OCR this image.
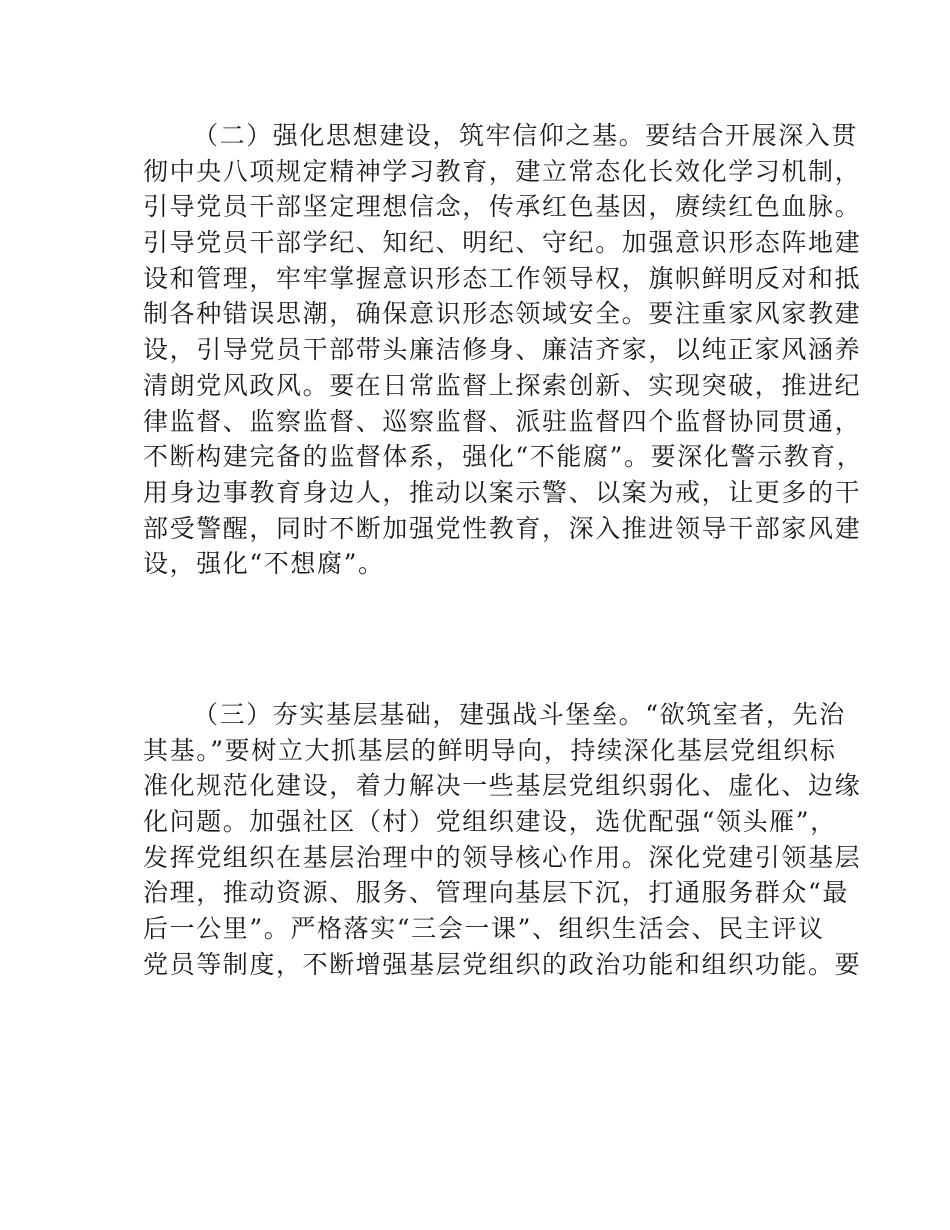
（二）强化思想建设，筑牢信仰之基。要结合开展深入贯
彻中央八项规定精神学习教育，建立常态化长效化学习机制，
引导党员干部坚定理想信念，传承红色基因，赓续红色血脉。
引导党员干部学纪、知纪、明纪、守纪。加强意识形态阵地建
设和管理，牢牢掌握意识形态工作领导权，旗帜鲜明反对和抵
制各种错误思潮，确保意识形态领域安全。要注重家风家教建
设，引导党员干部带头廉洁修身、廉洁齐家，以纯正家风涵养
清朗党风政风。要在日常监督上探索创新、实现突破，推进纪
律监督、监察监督、巡察监督、派驻监督四个监督协同贯通，
不断构建完备的监督体系，强化“不能腐”。要深化警示教育，
用身边事教育身边人，推动以案示警、以案为戒，让更多的干
部受警醒，同时不断加强党性教育，深入推进领导干部家风建
设，强化“不想腐”。
（三）夯实基层基础，建强战斗堡垒。“欲筑室者，先治
其基。”要树立大抓基层的鲜明导向，持续深化基层党组织标
准化规范化建设，着力解决一些基层党组织弱化、虚化、边缘
化问题。加强社区（村）党组织建设，选优配强“领头雁”，
发挥党组织在基层治理中的领导核心作用。深化党建引领基层
治理，推动资源、服务、管理向基层下沉，打通服务群众“最
后一公里”。严格落实“三会一课”、组织生活会、民主评议
党员等制度，不断增强基层党组织的政治功能和组织功能。要
